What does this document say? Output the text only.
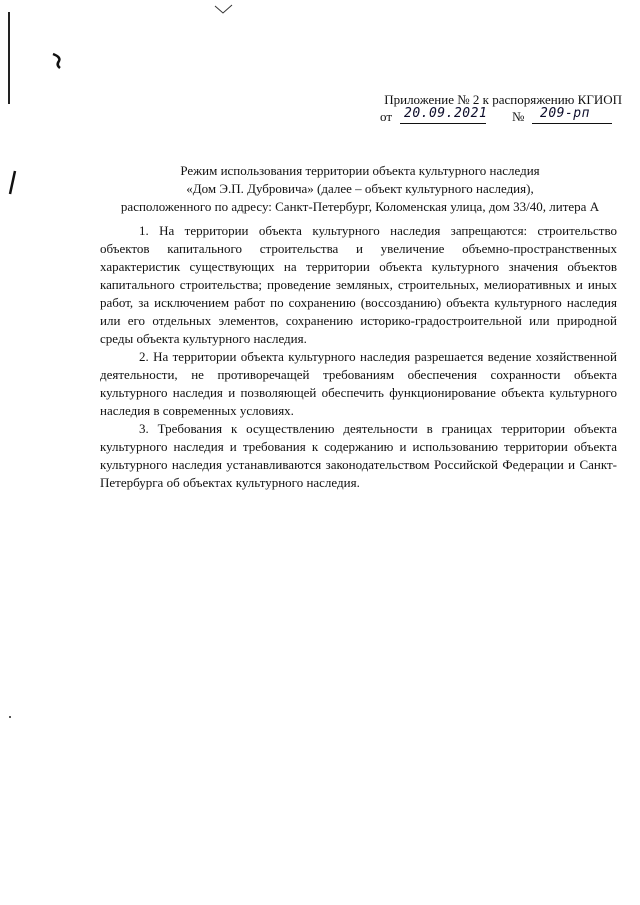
Приложение № 2 к распоряжению КГИОП
от 20.09.2021 № 209-рп
Режим использования территории объекта культурного наследия
«Дом Э.П. Дубровича» (далее – объект культурного наследия),
расположенного по адресу: Санкт-Петербург, Коломенская улица, дом 33/40, литера А

1. На территории объекта культурного наследия запрещаются: строительство объектов капитального строительства и увеличение объемно-пространственных характеристик существующих на территории объекта культурного значения объектов капитального строительства; проведение земляных, строительных, мелиоративных и иных работ, за исключением работ по сохранению (воссозданию) объекта культурного наследия или его отдельных элементов, сохранению историко-градостроительной или природной среды объекта культурного наследия.

2. На территории объекта культурного наследия разрешается ведение хозяйственной деятельности, не противоречащей требованиям обеспечения сохранности объекта культурного наследия и позволяющей обеспечить функционирование объекта культурного наследия в современных условиях.

3. Требования к осуществлению деятельности в границах территории объекта культурного наследия и требования к содержанию и использованию территории объекта культурного наследия устанавливаются законодательством Российской Федерации и Санкт-Петербурга об объектах культурного наследия.
